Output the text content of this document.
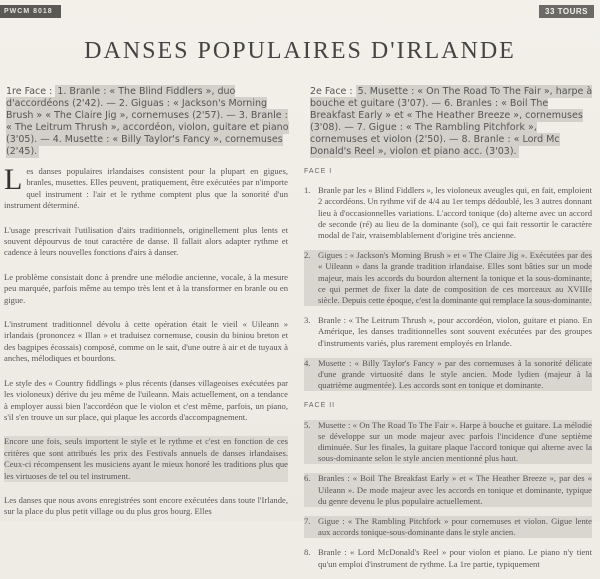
PWCM 8018	33 TOURS
DANSES POPULAIRES D'IRLANDE
1re Face : 1. Branle : « The Blind Fiddlers », duo d'accordéons (2'42). — 2. Giguas : « Jackson's Morning Brush » « The Claire Jig », cornemuses (2'57). — 3. Branle : « The Leitrum Thrush », accordéon, violon, guitare et piano (3'05). — 4. Musette : « Billy Taylor's Fancy », cornemuses (2'45).
2e Face : 5. Musette : « On The Road To The Fair », harpe à bouche et guitare (3'07). — 6. Branles : « Boil The Breakfast Early » et « The Heather Breeze », cornemuses (3'08). — 7. Gigue : « The Rambling Pitchfork », cornemuses et violon (2'50). — 8. Branle : « Lord Mc Donald's Reel », violon et piano acc. (3'03).

L es danses populaires irlandaises consistent pour la plupart en gigues, branles, musettes. Elles peuvent, pratiquement, être exécutées par n'importe quel instrument : l'air et le rythme comptent plus que la sonorité d'un instrument déterminé.

L'usage prescrivait l'utilisation d'airs traditionnels, originellement plus lents et souvent dépourvus de tout caractère de danse. Il fallait alors adapter rythme et cadence à leurs nouvelles fonctions d'airs à danser.

Le problème consistait donc à prendre une mélodie ancienne, vocale, à la mesure peu marquée, parfois même au tempo très lent et à la transformer en branle ou en gigue.

L'instrument traditionnel dévolu à cette opération était le vieil « Uileann » irlandais (prononcez « Illan » et traduisez cornemuse, cousin du biniou breton et des bagpipes écossais) composé, comme on le sait, d'une outre à air et de tuyaux à anches, mélodiques et bourdons.

Le style des « Country fiddlings » plus récents (danses villageoises exécutées par les violoneux) dérive du jeu même de l'uileann. Mais actuellement, on a tendance à employer aussi bien l'accordéon que le violon et c'est même, parfois, un piano, s'il s'en trouve un sur place, qui plaque les accords d'accompagnement.

Encore une fois, seuls importent le style et le rythme et c'est en fonction de ces critères que sont attribués les prix des Festivals annuels de danses irlandaises. Ceux-ci récompensent les musiciens ayant le mieux honoré les traditions plus que les virtuoses de tel ou tel instrument.

Les danses que nous avons enregistrées sont encore exécutées dans toute l'Irlande, sur la place du plus petit village ou du plus gros bourg. Elles

FACE I
1. Branle par les « Blind Fiddlers », les violoneux aveugles qui, en fait, emploient 2 accordéons. Un rythme vif de 4/4 au 1er temps dédoublé, les 3 autres donnant lieu à d'occasionnelles variations. L'accord tonique (do) alterne avec un accord de seconde (ré) au lieu de la dominante (sol), ce qui fait ressortir le caractère modal de l'air, vraisemblablement d'origine très ancienne.
2. Gigues : « Jackson's Morning Brush » et « The Claire Jig ». Exécutées par des « Uileann » dans la grande tradition irlandaise. Elles sont bâties sur un mode majeur, mais les accords du bourdon alternent la tonique et la sous-dominante, ce qui permet de fixer la date de composition de ces morceaux au XVIIIe siècle. Depuis cette époque, c'est la dominante qui remplace la sous-dominante.
3. Branle : « The Leitrum Thrush », pour accordéon, violon, guitare et piano. En Amérique, les danses traditionnelles sont souvent exécutées par des groupes d'instruments variés, plus rarement employés en Irlande.
4. Musette : « Billy Taylor's Fancy » par des cornemuses à la sonorité délicate d'une grande virtuosité dans le style ancien. Mode lydien (majeur à la quatrième augmentée). Les accords sont en tonique et dominante.
FACE II
5. Musette : « On The Road To The Fair ». Harpe à bouche et guitare. La mélodie se développe sur un mode majeur avec parfois l'incidence d'une septième diminuée. Sur les finales, la guitare plaque l'accord tonique qui alterne avec la sous-dominante selon le style ancien mentionné plus haut.
6. Branles : « Boil The Breakfast Early » et « The Heather Breeze », par des « Uileann ». De mode majeur avec les accords en tonique et dominante, typique du genre devenu le plus populaire actuellement.
7. Gigue : « The Rambling Pitchfork » pour cornemuses et violon. Gigue lente aux accords tonique-sous-dominante dans le style ancien.
8. Branle : « Lord McDonald's Reel » pour violon et piano. Le piano n'y tient qu'un emploi d'instrument de rythme. La 1re partie, typiquement
